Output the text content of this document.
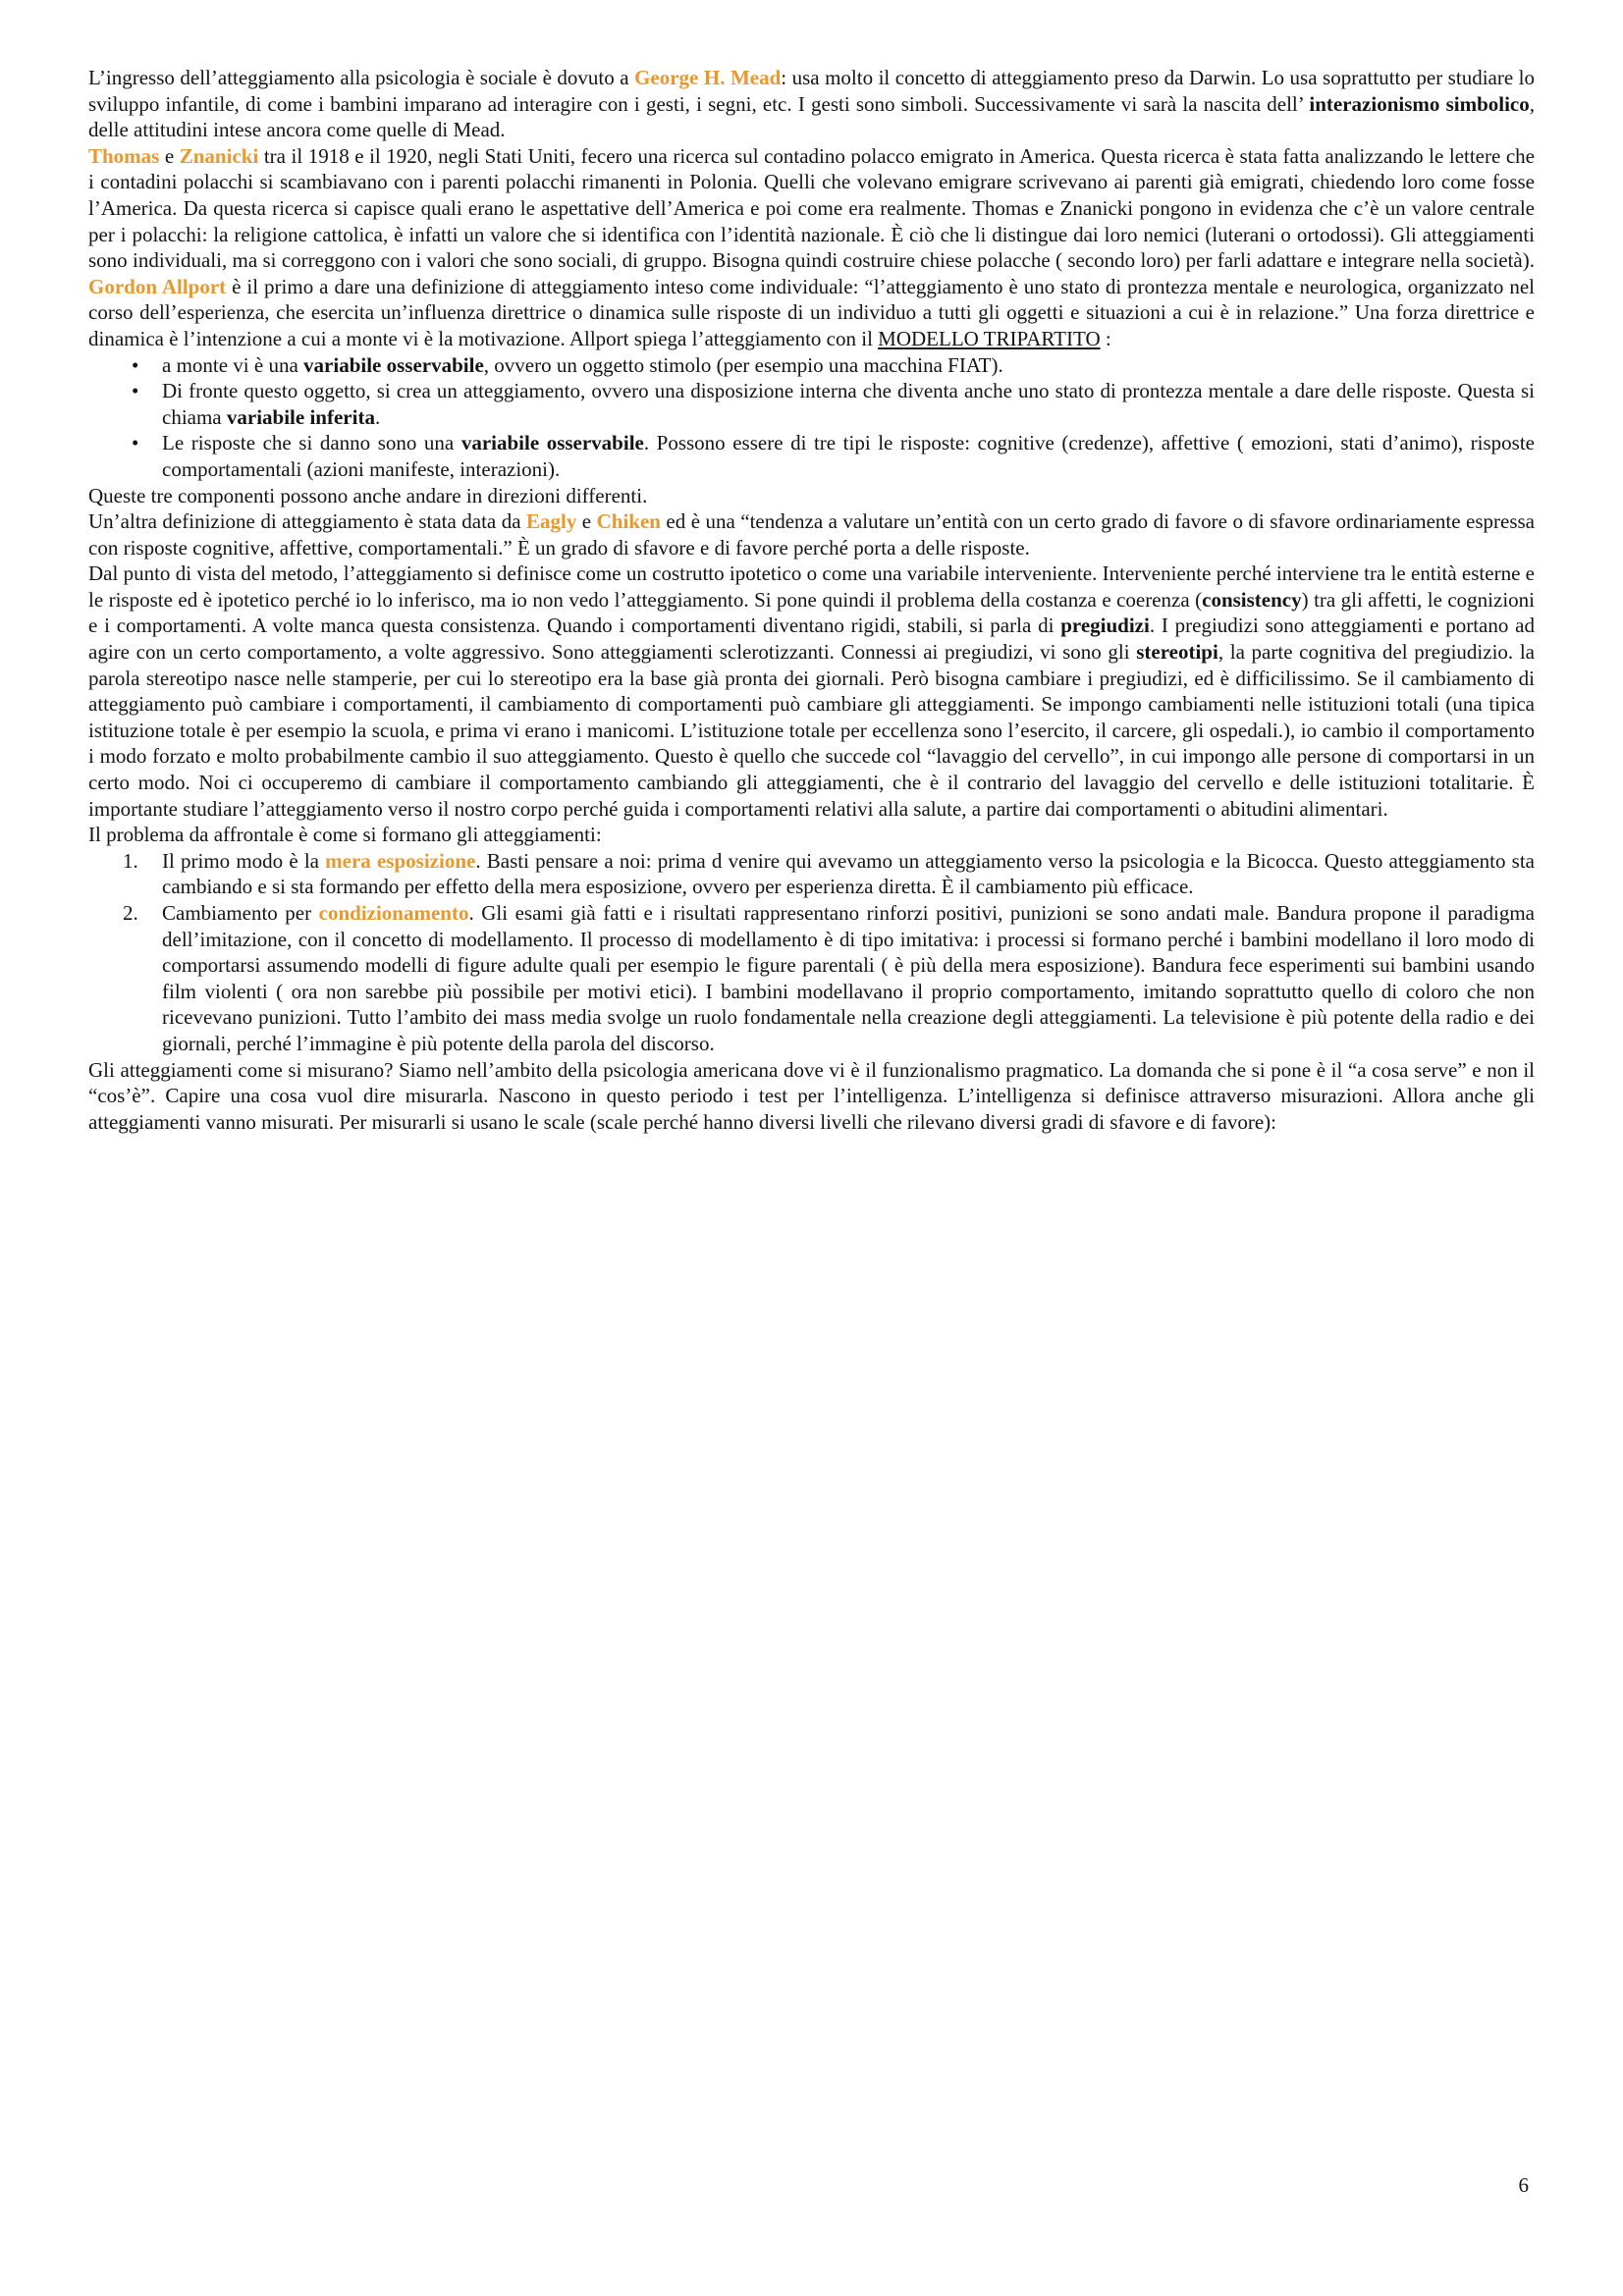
L’ingresso dell’atteggiamento alla psicologia è sociale è dovuto a George H. Mead: usa molto il concetto di atteggiamento preso da Darwin. Lo usa soprattutto per studiare lo sviluppo infantile, di come i bambini imparano ad interagire con i gesti, i segni, etc. I gesti sono simboli. Successivamente vi sarà la nascita dell’ interazionismo simbolico, delle attitudini intese ancora come quelle di Mead.

Thomas e Znanicki tra il 1918 e il 1920, negli Stati Uniti, fecero una ricerca sul contadino polacco emigrato in America. Questa ricerca è stata fatta analizzando le lettere che i contadini polacchi si scambiavano con i parenti polacchi rimanenti in Polonia. Quelli che volevano emigrare scrivevano ai parenti già emigrati, chiedendo loro come fosse l’America. Da questa ricerca si capisce quali erano le aspettative dell’America e poi come era realmente. Thomas e Znanicki pongono in evidenza che c’è un valore centrale per i polacchi: la religione cattolica, è infatti un valore che si identifica con l’identità nazionale. È ciò che li distingue dai loro nemici (luterani o ortodossi). Gli atteggiamenti sono individuali, ma si correggono con i valori che sono sociali, di gruppo. Bisogna quindi costruire chiese polacche ( secondo loro) per farli adattare e integrare nella società). Gordon Allport è il primo a dare una definizione di atteggiamento inteso come individuale: “l’atteggiamento è uno stato di prontezza mentale e neurologica, organizzato nel corso dell’esperienza, che esercita un’influenza direttrice o dinamica sulle risposte di un individuo a tutti gli oggetti e situazioni a cui è in relazione.” Una forza direttrice e dinamica è l’intenzione a cui a monte vi è la motivazione. Allport spiega l’atteggiamento con il MODELLO TRIPARTITO :

•	a monte vi è una variabile osservabile, ovvero un oggetto stimolo (per esempio una macchina FIAT).
•	Di fronte questo oggetto, si crea un atteggiamento, ovvero una disposizione interna che diventa anche uno stato di prontezza mentale a dare delle risposte. Questa si chiama variabile inferita.
•	Le risposte che si danno sono una variabile osservabile. Possono essere di tre tipi le risposte: cognitive (credenze), affettive ( emozioni, stati d’animo), risposte comportamentali (azioni manifeste, interazioni).

Queste tre componenti possono anche andare in direzioni differenti.

Un’altra definizione di atteggiamento è stata data da Eagly e Chiken ed è una “tendenza a valutare un’entità con un certo grado di favore o di sfavore ordinariamente espressa con risposte cognitive, affettive, comportamentali.” È un grado di sfavore e di favore perché porta a delle risposte.

Dal punto di vista del metodo, l’atteggiamento si definisce come un costrutto ipotetico o come una variabile interveniente. Interveniente perché interviene tra le entità esterne e le risposte ed è ipotetico perché io lo inferisco, ma io non vedo l’atteggiamento. Si pone quindi il problema della costanza e coerenza (consistency) tra gli affetti, le cognizioni e i comportamenti. A volte manca questa consistenza. Quando i comportamenti diventano rigidi, stabili, si parla di pregiudizi. I pregiudizi sono atteggiamenti e portano ad agire con un certo comportamento, a volte aggressivo. Sono atteggiamenti sclerotizzanti. Connessi ai pregiudizi, vi sono gli stereotipi, la parte cognitiva del pregiudizio. la parola stereotipo nasce nelle stamperie, per cui lo stereotipo era la base già pronta dei giornali. Però bisogna cambiare i pregiudizi, ed è difficilissimo. Se il cambiamento di atteggiamento può cambiare i comportamenti, il cambiamento di comportamenti può cambiare gli atteggiamenti. Se impongo cambiamenti nelle istituzioni totali (una tipica istituzione totale è per esempio la scuola, e prima vi erano i manicomi. L’istituzione totale per eccellenza sono l’esercito, il carcere, gli ospedali.), io cambio il comportamento i modo forzato e molto probabilmente cambio il suo atteggiamento. Questo è quello che succede col “lavaggio del cervello”, in cui impongo alle persone di comportarsi in un certo modo. Noi ci occuperemo di cambiare il comportamento cambiando gli atteggiamenti, che è il contrario del lavaggio del cervello e delle istituzioni totalitarie. È importante studiare l’atteggiamento verso il nostro corpo perché guida i comportamenti relativi alla salute, a partire dai comportamenti o abitudini alimentari.

Il problema da affrontale è come si formano gli atteggiamenti:

1.	Il primo modo è la mera esposizione. Basti pensare a noi: prima d venire qui avevamo un atteggiamento verso la psicologia e la Bicocca. Questo atteggiamento sta cambiando e si sta formando per effetto della mera esposizione, ovvero per esperienza diretta. È il cambiamento più efficace.
2.	Cambiamento per condizionamento. Gli esami già fatti e i risultati rappresentano rinforzi positivi, punizioni se sono andati male. Bandura propone il paradigma dell’imitazione, con il concetto di modellamento. Il processo di modellamento è di tipo imitativa: i processi si formano perché i bambini modellano il loro modo di comportarsi assumendo modelli di figure adulte quali per esempio le figure parentali ( è più della mera esposizione). Bandura fece esperimenti sui bambini usando film violenti ( ora non sarebbe più possibile per motivi etici). I bambini modellavano il proprio comportamento, imitando soprattutto quello di coloro che non ricevevano punizioni. Tutto l’ambito dei mass media svolge un ruolo fondamentale nella creazione degli atteggiamenti. La televisione è più potente della radio e dei giornali, perché l’immagine è più potente della parola del discorso.

Gli atteggiamenti come si misurano? Siamo nell’ambito della psicologia americana dove vi è il funzionalismo pragmatico. La domanda che si pone è il “a cosa serve” e non il “cos’è”. Capire una cosa vuol dire misurarla. Nascono in questo periodo i test per l’intelligenza. L’intelligenza si definisce attraverso misurazioni. Allora anche gli atteggiamenti vanno misurati. Per misurarli si usano le scale (scale perché hanno diversi livelli che rilevano diversi gradi di sfavore e di favore):

6
